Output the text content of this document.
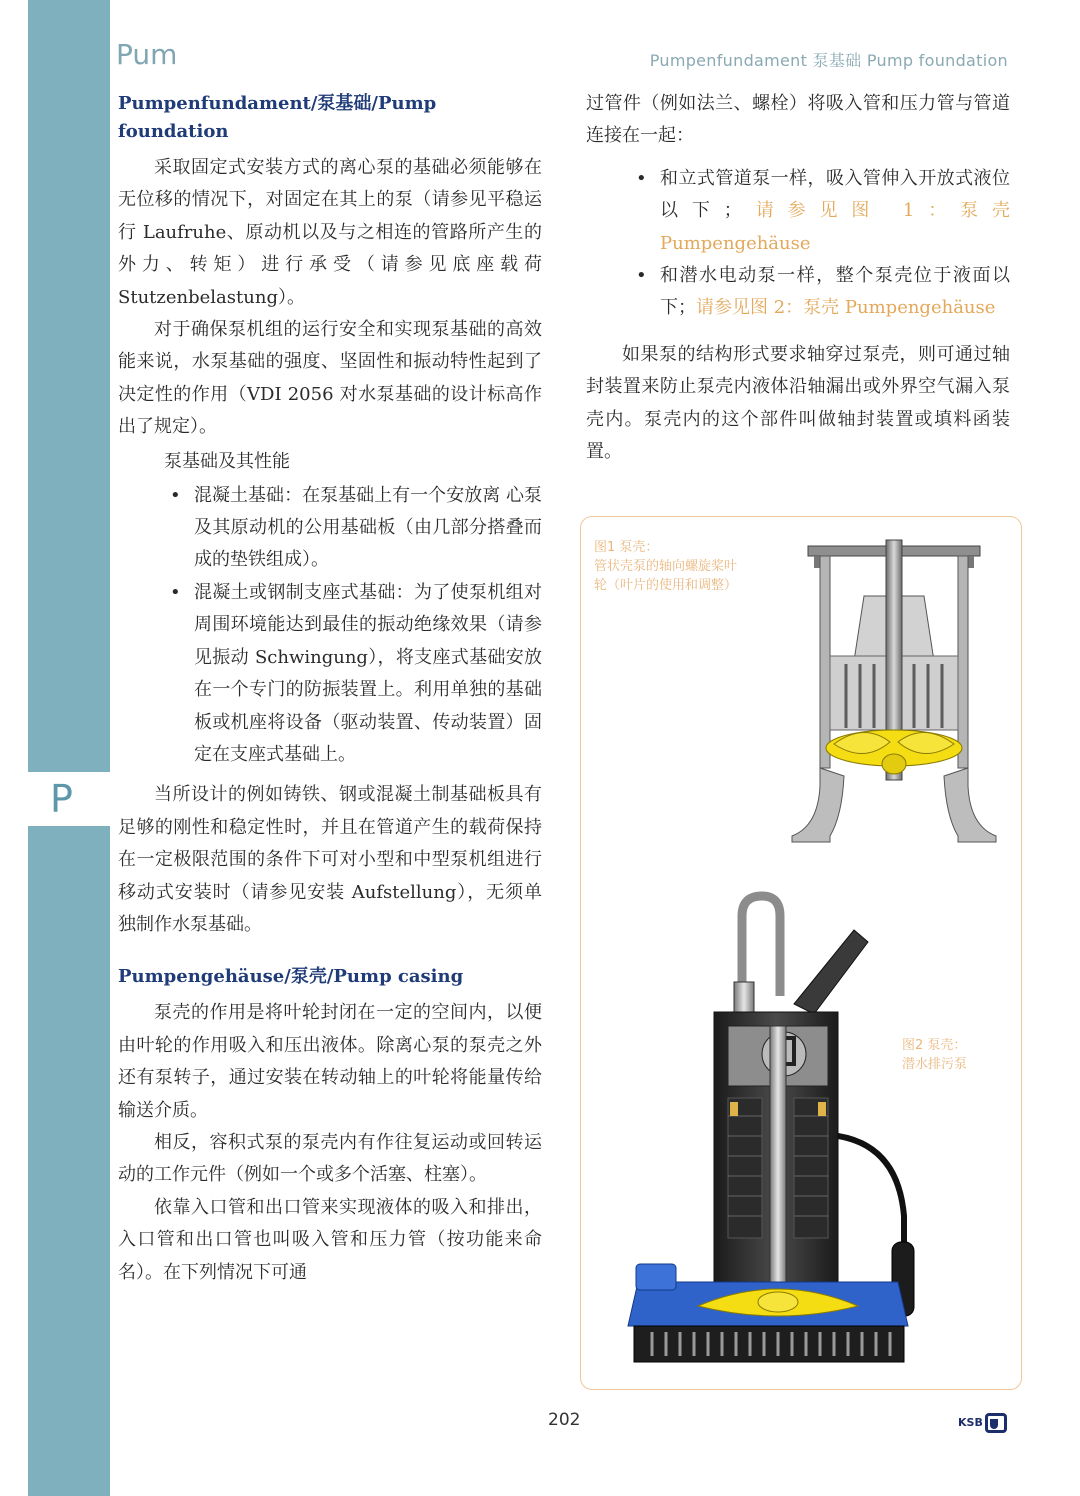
P
Pum	Pumpenfundament 泵基础 Pump foundation
Pumpenfundament/泵基础/Pump foundation

采取固定式安装方式的离心泵的基础必须能够在无位移的情况下，对固定在其上的泵（请参见平稳运行 Laufruhe、原动机以及与之相连的管路所产生的外力、转矩）进行承受（请参见底座载荷 Stutzenbelastung）。

对于确保泵机组的运行安全和实现泵基础的高效能来说，水泵基础的强度、坚固性和振动特性起到了决定性的作用（VDI 2056 对水泵基础的设计标高作出了规定）。

泵基础及其性能
• 混凝土基础：在泵基础上有一个安放离 心泵及其原动机的公用基础板（由几部分搭叠而成的垫铁组成）。
• 混凝土或钢制支座式基础：为了使泵机组对周围环境能达到最佳的振动绝缘效果（请参见振动 Schwingung），将支座式基础安放在一个专门的防振装置上。利用单独的基础板或机座将设备（驱动装置、传动装置）固定在支座式基础上。

当所设计的例如铸铁、钢或混凝土制基础板具有足够的刚性和稳定性时，并且在管道产生的载荷保持在一定极限范围的条件下可对小型和中型泵机组进行移动式安装时（请参见安装 Aufstellung），无须单独制作水泵基础。

Pumpengehäuse/泵壳/Pump casing

泵壳的作用是将叶轮封闭在一定的空间内，以便由叶轮的作用吸入和压出液体。除离心泵的泵壳之外还有泵转子，通过安装在转动轴上的叶轮将能量传给输送介质。

相反，容积式泵的泵壳内有作往复运动或回转运动的工作元件（例如一个或多个活塞、柱塞）。

依靠入口管和出口管来实现液体的吸入和排出，入口管和出口管也叫吸入管和压力管（按功能来命名）。在下列情况下可通

过管件（例如法兰、螺栓）将吸入管和压力管与管道连接在一起：

• 和立式管道泵一样，吸入管伸入开放式液位以下；请参见图 1：泵壳 Pumpengehäuse
• 和潜水电动泵一样，整个泵壳位于液面以下；请参见图 2：泵壳 Pumpengehäuse

如果泵的结构形式要求轴穿过泵壳，则可通过轴封装置来防止泵壳内液体沿轴漏出或外界空气漏入泵壳内。泵壳内的这个部件叫做轴封装置或填料函装置。

图1 泵壳：
管状壳泵的轴向螺旋桨叶
轮（叶片的使用和调整）
图2 泵壳：
潜水排污泵
202	KSB
